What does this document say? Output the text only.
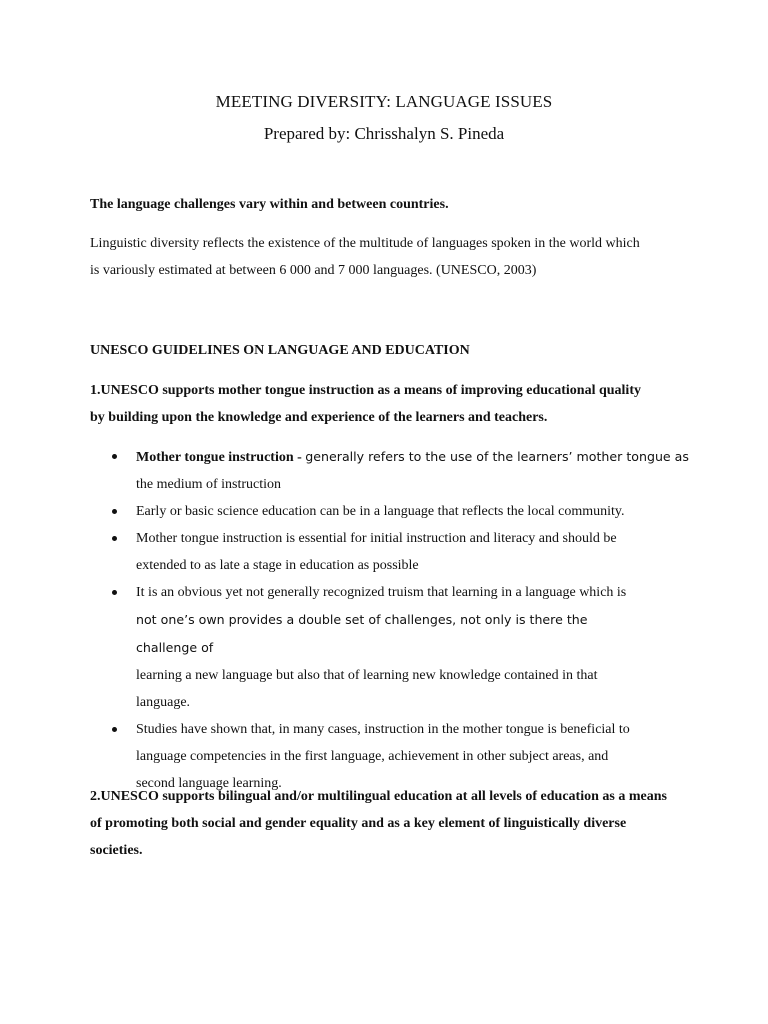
MEETING DIVERSITY: LANGUAGE ISSUES

Prepared by: Chrisshalyn S. Pineda

The language challenges vary within and between countries.

Linguistic diversity reflects the existence of the multitude of languages spoken in the world which is variously estimated at between 6 000 and 7 000 languages. (UNESCO, 2003)

UNESCO GUIDELINES ON LANGUAGE AND EDUCATION

1.UNESCO supports mother tongue instruction as a means of improving educational quality by building upon the knowledge and experience of the learners and teachers.

Mother tongue instruction - generally refers to the use of the learners’ mother tongue as
the medium of instruction
Early or basic science education can be in a language that reflects the local community.
Mother tongue instruction is essential for initial instruction and literacy and should be extended to as late a stage in education as possible
It is an obvious yet not generally recognized truism that learning in a language which is
not one’s own provides a double set of challenges, not only is there the challenge of
learning a new language but also that of learning new knowledge contained in that language.
Studies have shown that, in many cases, instruction in the mother tongue is beneficial to language competencies in the first language, achievement in other subject areas, and second language learning.

2.UNESCO supports bilingual and/or multilingual education at all levels of education as a means of promoting both social and gender equality and as a key element of linguistically diverse societies.
